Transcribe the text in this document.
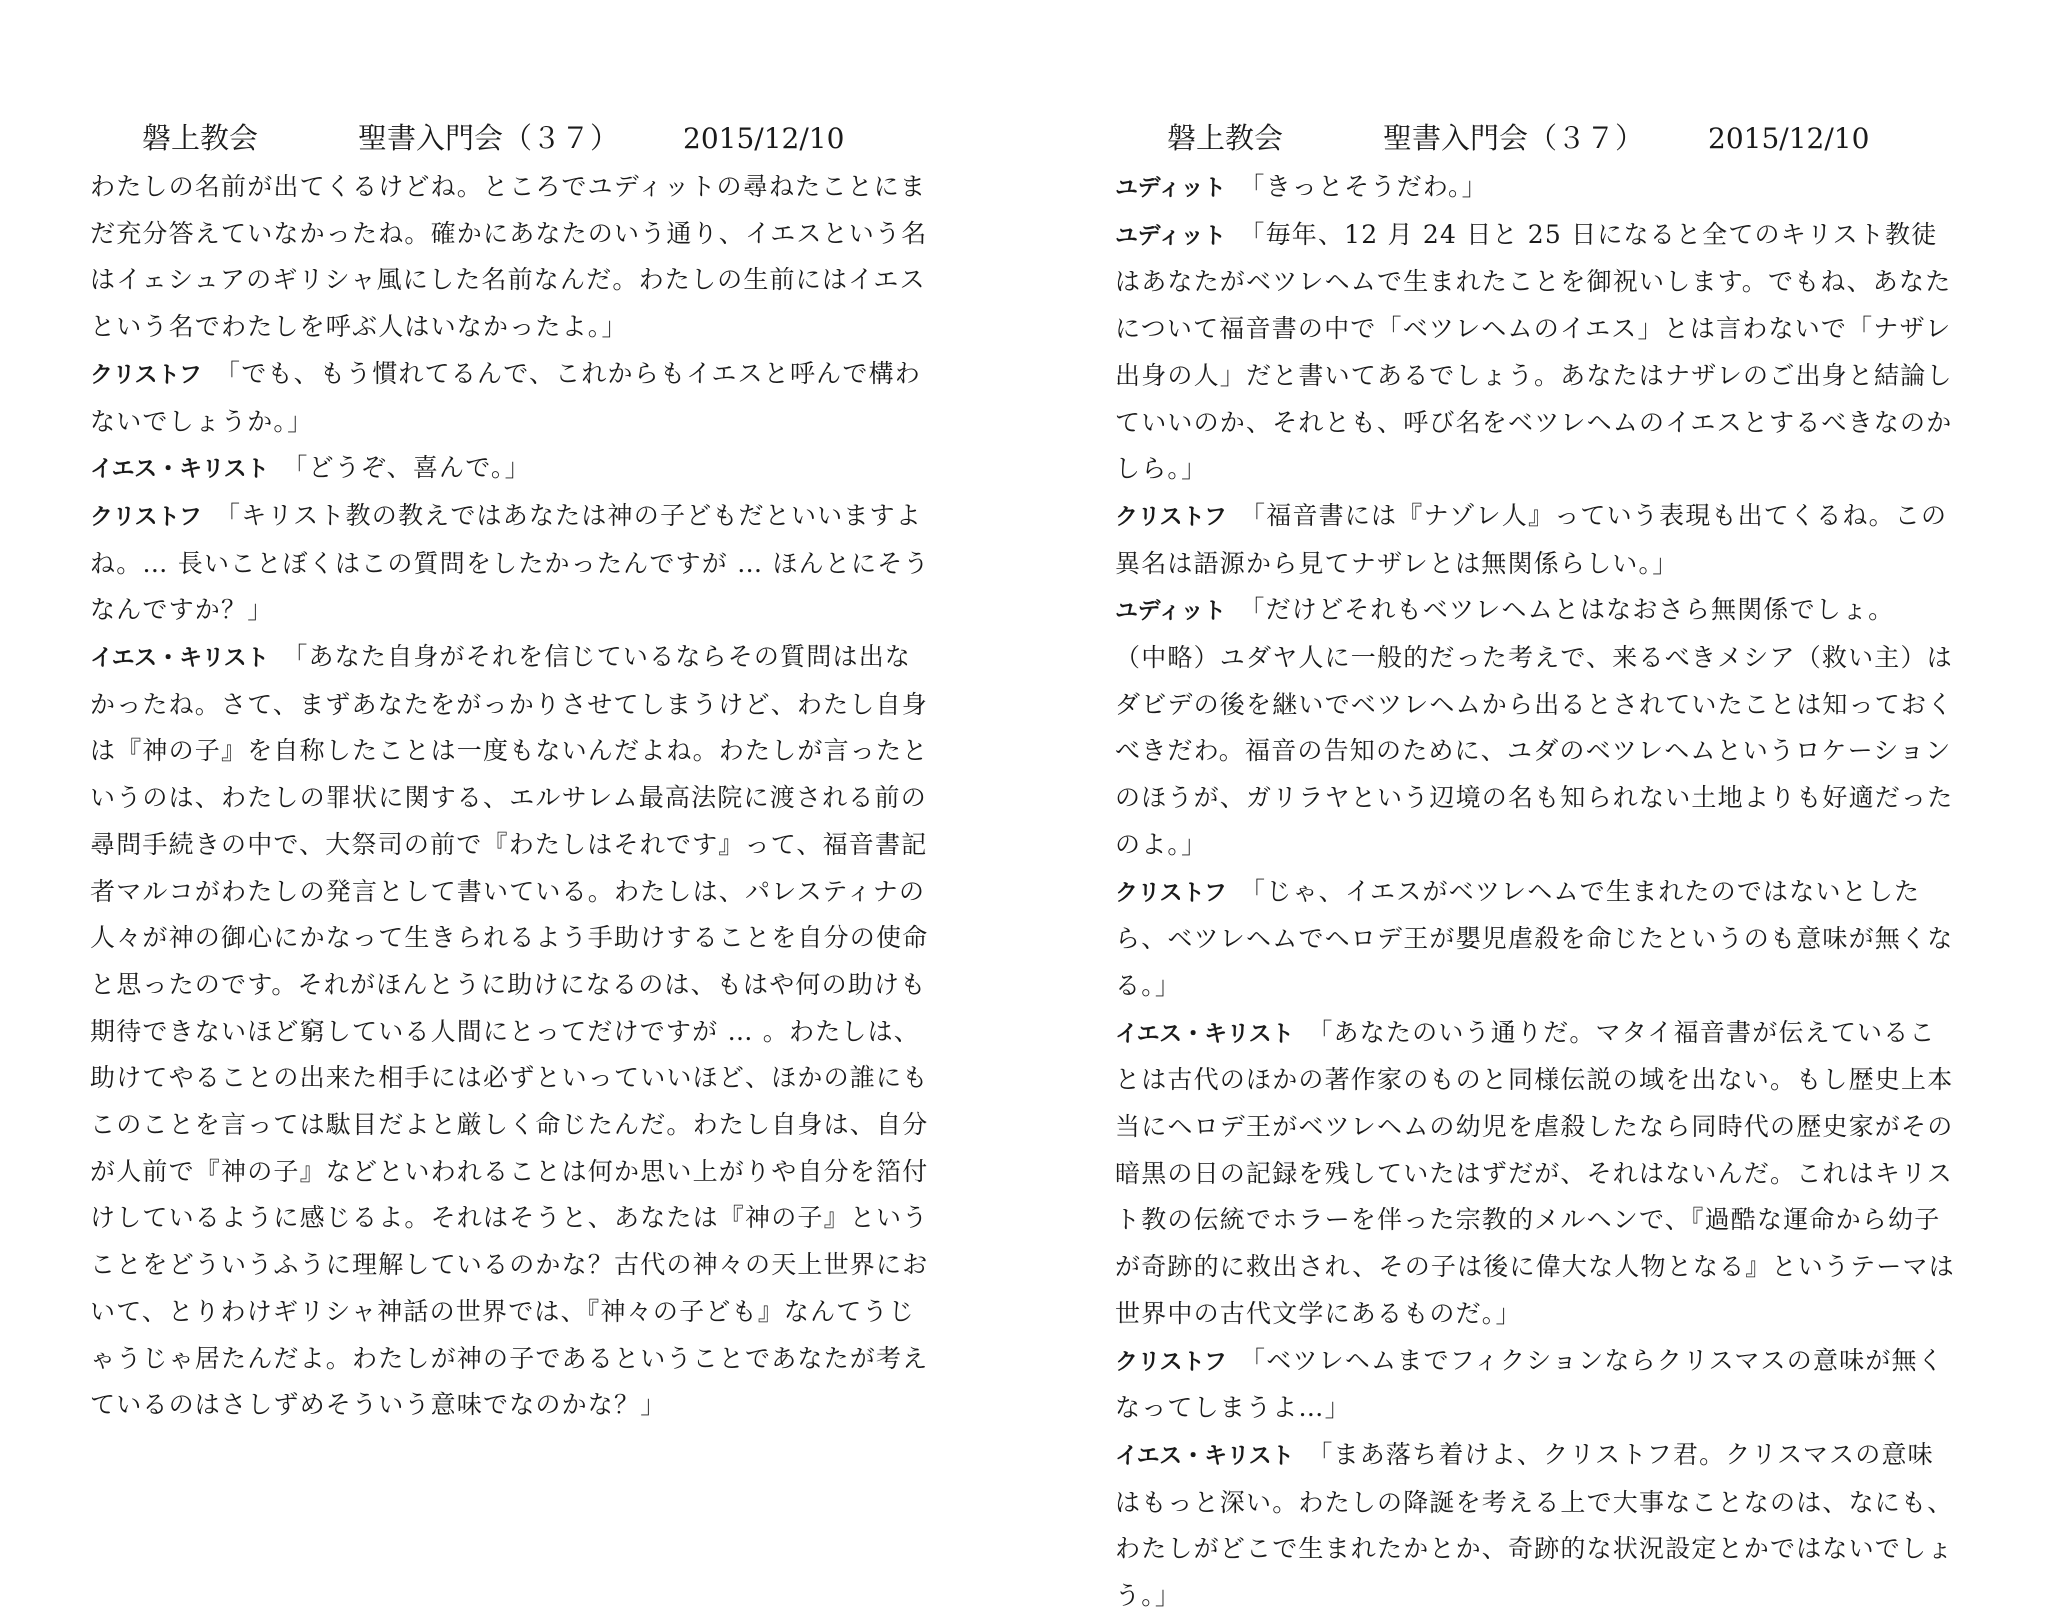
磐上教会	聖書入門会（３７） 2015/12/10

わたしの名前が出てくるけどね。ところでユディットの尋ねたことにまだ充分答えていなかったね。確かにあなたのいう通り、イエスという名はイェシュアのギリシャ風にした名前なんだ。わたしの生前にはイエスという名でわたしを呼ぶ人はいなかったよ。」

クリストフ　「でも、もう慣れてるんで、これからもイエスと呼んで構わないでしょうか。」

イエス・キリスト　「どうぞ、喜んで。」

クリストフ　「キリスト教の教えではあなたは神の子どもだといいますよね。… 長いことぼくはこの質問をしたかったんですが … ほんとにそうなんですか？」

イエス・キリスト　「あなた自身がそれを信じているならその質問は出なかったね。さて、まずあなたをがっかりさせてしまうけど、わたし自身は『神の子』を自称したことは一度もないんだよね。わたしが言ったというのは、わたしの罪状に関する、エルサレム最高法院に渡される前の尋問手続きの中で、大祭司の前で『わたしはそれです』って、福音書記者マルコがわたしの発言として書いている。わたしは、パレスティナの人々が神の御心にかなって生きられるよう手助けすることを自分の使命と思ったのです。それがほんとうに助けになるのは、もはや何の助けも期待できないほど窮している人間にとってだけですが … 。わたしは、助けてやることの出来た相手には必ずといっていいほど、ほかの誰にもこのことを言っては駄目だよと厳しく命じたんだ。わたし自身は、自分が人前で『神の子』などといわれることは何か思い上がりや自分を箔付けしているように感じるよ。それはそうと、あなたは『神の子』ということをどういうふうに理解しているのかな？古代の神々の天上世界において、とりわけギリシャ神話の世界では、『神々の子ども』なんてうじゃうじゃ居たんだよ。わたしが神の子であるということであなたが考えているのはさしずめそういう意味でなのかな？」

磐上教会	聖書入門会（３７） 2015/12/10

ユディット　「きっとそうだわ。」

ユディット　「毎年、12 月 24 日と 25 日になると全てのキリスト教徒はあなたがベツレヘムで生まれたことを御祝いします。でもね、あなたについて福音書の中で「ベツレヘムのイエス」とは言わないで「ナザレ出身の人」だと書いてあるでしょう。あなたはナザレのご出身と結論していいのか、それとも、呼び名をベツレヘムのイエスとするべきなのかしら。」

クリストフ　「福音書には『ナゾレ人』っていう表現も出てくるね。この異名は語源から見てナザレとは無関係らしい。」

ユディット　「だけどそれもベツレヘムとはなおさら無関係でしょ。
（中略）ユダヤ人に一般的だった考えで、来るべきメシア（救い主）はダビデの後を継いでベツレヘムから出るとされていたことは知っておくべきだわ。福音の告知のために、ユダのベツレヘムというロケーションのほうが、ガリラヤという辺境の名も知られない土地よりも好適だったのよ。」

クリストフ　「じゃ、イエスがベツレヘムで生まれたのではないとしたら、ベツレヘムでヘロデ王が嬰児虐殺を命じたというのも意味が無くなる。」

イエス・キリスト　「あなたのいう通りだ。マタイ福音書が伝えていることは古代のほかの著作家のものと同様伝説の域を出ない。もし歴史上本当にヘロデ王がベツレヘムの幼児を虐殺したなら同時代の歴史家がその暗黒の日の記録を残していたはずだが、それはないんだ。これはキリスト教の伝統でホラーを伴った宗教的メルヘンで、『過酷な運命から幼子が奇跡的に救出され、その子は後に偉大な人物となる』というテーマは世界中の古代文学にあるものだ。」

クリストフ　「ベツレヘムまでフィクションならクリスマスの意味が無くなってしまうよ…」

イエス・キリスト　「まあ落ち着けよ、クリストフ君。クリスマスの意味はもっと深い。わたしの降誕を考える上で大事なことなのは、なにも、わたしがどこで生まれたかとか、奇跡的な状況設定とかではないでしょう。」
